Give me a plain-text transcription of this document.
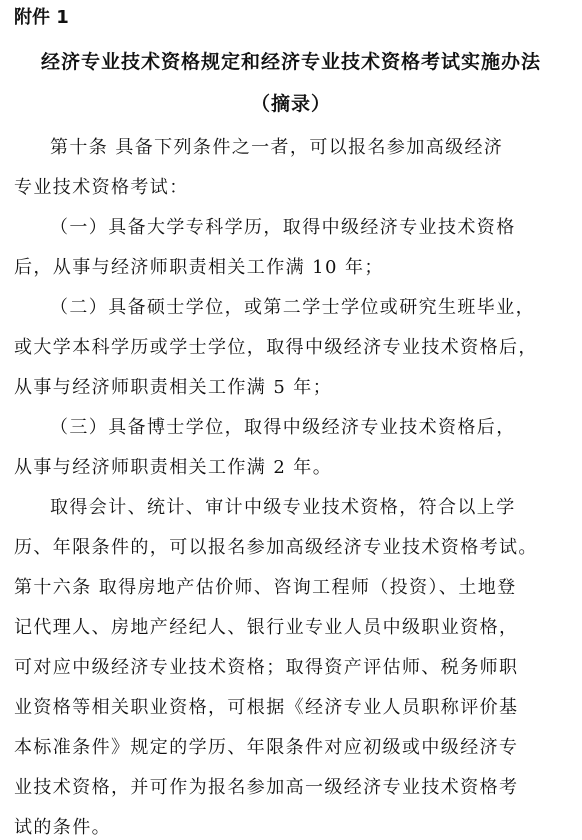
附件 1
经济专业技术资格规定和经济专业技术资格考试实施办法
（摘录）
第十条 具备下列条件之一者，可以报名参加高级经济
专业技术资格考试：
（一）具备大学专科学历，取得中级经济专业技术资格
后，从事与经济师职责相关工作满 10 年；
（二）具备硕士学位，或第二学士学位或研究生班毕业，
或大学本科学历或学士学位，取得中级经济专业技术资格后，
从事与经济师职责相关工作满 5 年；
（三）具备博士学位，取得中级经济专业技术资格后，
从事与经济师职责相关工作满 2 年。
取得会计、统计、审计中级专业技术资格，符合以上学
历、年限条件的，可以报名参加高级经济专业技术资格考试。
第十六条 取得房地产估价师、咨询工程师（投资）、土地登
记代理人、房地产经纪人、银行业专业人员中级职业资格，
可对应中级经济专业技术资格；取得资产评估师、税务师职
业资格等相关职业资格，可根据《经济专业人员职称评价基
本标准条件》规定的学历、年限条件对应初级或中级经济专
业技术资格，并可作为报名参加高一级经济专业技术资格考
试的条件。
